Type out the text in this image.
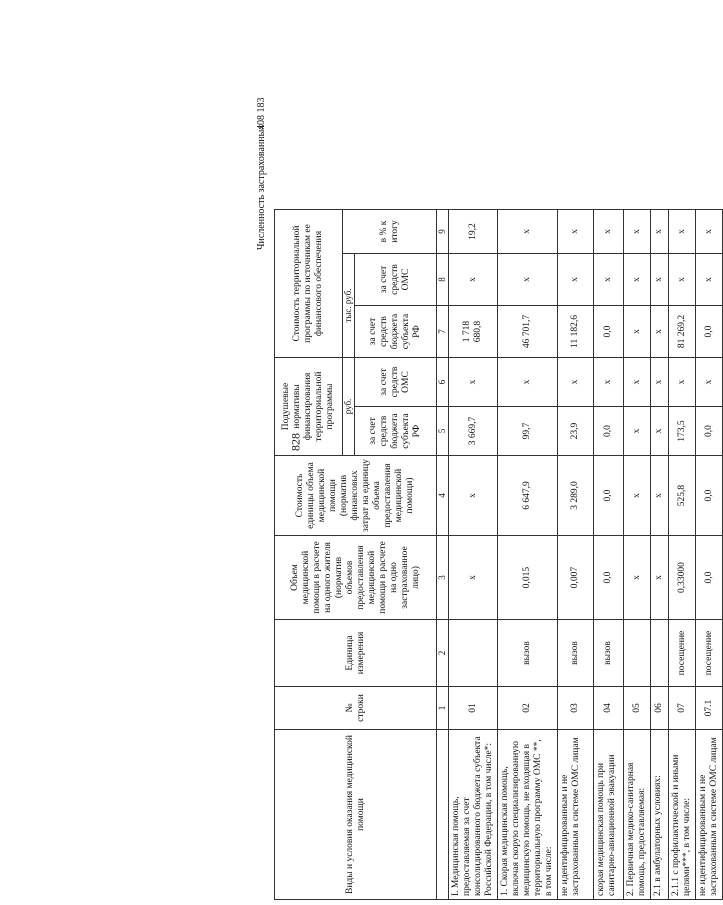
828
Численность застрахованных
408 183
Виды и условия оказания медицинской помощи	№ строки	Единица измерения	Объем медицинской помощи в расчете на одного жителя (норматив объемов предоставления медицинской помощи в расчете на одно застрахованное лицо)	Стоимость единицы объема медицинской помощи (норматив финансовых затрат на единицу объема предоставления медицинской помощи)	Подушевые нормативы финансирования территориальной программы		Стоимость территориальной программы по источникам ее финансового обеспечения		
					руб.		тыс. руб.		в % к итогу
					за счет средств бюджета субъекта РФ	за счет средств ОМС	за счет средств бюджета субъекта РФ	за счет средств ОМС	
	1	2	3	4	5	6	7	8	9
I. Медицинская помощь, предоставляемая за счет консолидированного бюджета субъекта Российской Федерации, в том числе*:	01		х	х	3 669,7	х	1 718 680,8	х	19,2
1. Скорая медицинская помощь, включая скорую специализированную медицинскую помощь, не входящая в территориальную программу ОМС **, в том числе:	02	вызов	0,015	6 647,9	99,7	х	46 701,7	х	х
не идентифицированным и не застрахованным в системе ОМС лицам	03	вызов	0,007	3 289,0	23,9	х	11 182,6	х	х
скорая медицинская помощь при санитарно-авиационной эвакуации	04	вызов	0,0	0,0	0,0	х	0,0	х	х
2. Первичная медико-санитарная помощь, предоставляемая:	05		х	х	х	х	х	х	х
2.1 в амбулаторных условиях:	06		х	х	х	х	х	х	х
2.1.1 с профилактической и иными целями***, в том числе:	07	посещение	0,33000	525,8	173,5	х	81 269,2	х	х
не идентифицированным и не застрахованным в системе ОМС лицам	07.1	посещение	0,0	0,0	0,0	х	0,0	х	х
